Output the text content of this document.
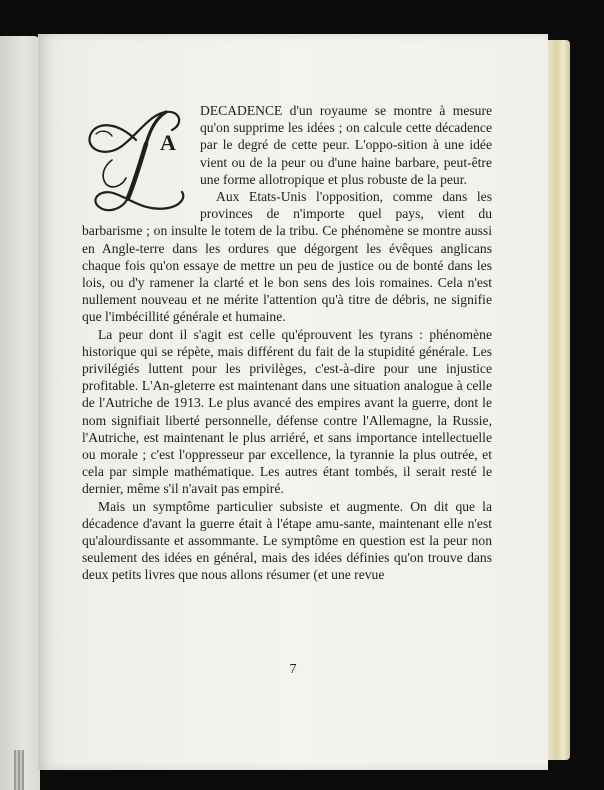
A

DECADENCE d'un royaume se montre à mesure qu'on supprime les idées ; on calcule cette décadence par le degré de cette peur. L'oppo-sition à une idée vient ou de la peur ou d'une haine barbare, peut-être une forme allotropique et plus robuste de la peur.

Aux Etats-Unis l'opposition, comme dans les provinces de n'importe quel pays, vient du barbarisme ; on insulte le totem de la tribu. Ce phénomène se montre aussi en Angle-terre dans les ordures que dégorgent les évêques anglicans chaque fois qu'on essaye de mettre un peu de justice ou de bonté dans les lois, ou d'y ramener la clarté et le bon sens des lois romaines. Cela n'est nullement nouveau et ne mérite l'attention qu'à titre de débris, ne signifie que l'imbécillité générale et humaine.

La peur dont il s'agit est celle qu'éprouvent les tyrans : phénomène historique qui se répète, mais différent du fait de la stupidité générale. Les privilégiés luttent pour les privilèges, c'est-à-dire pour une injustice profitable. L'An-gleterre est maintenant dans une situation analogue à celle de l'Autriche de 1913. Le plus avancé des empires avant la guerre, dont le nom signifiait liberté personnelle, défense contre l'Allemagne, la Russie, l'Autriche, est maintenant le plus arriéré, et sans importance intellectuelle ou morale ; c'est l'oppresseur par excellence, la tyrannie la plus outrée, et cela par simple mathématique. Les autres étant tombés, il serait resté le dernier, même s'il n'avait pas empiré.

Mais un symptôme particulier subsiste et augmente. On dit que la décadence d'avant la guerre était à l'étape amu-sante, maintenant elle n'est qu'alourdissante et assommante. Le symptôme en question est la peur non seulement des idées en général, mais des idées définies qu'on trouve dans deux petits livres que nous allons résumer (et une revue

7
